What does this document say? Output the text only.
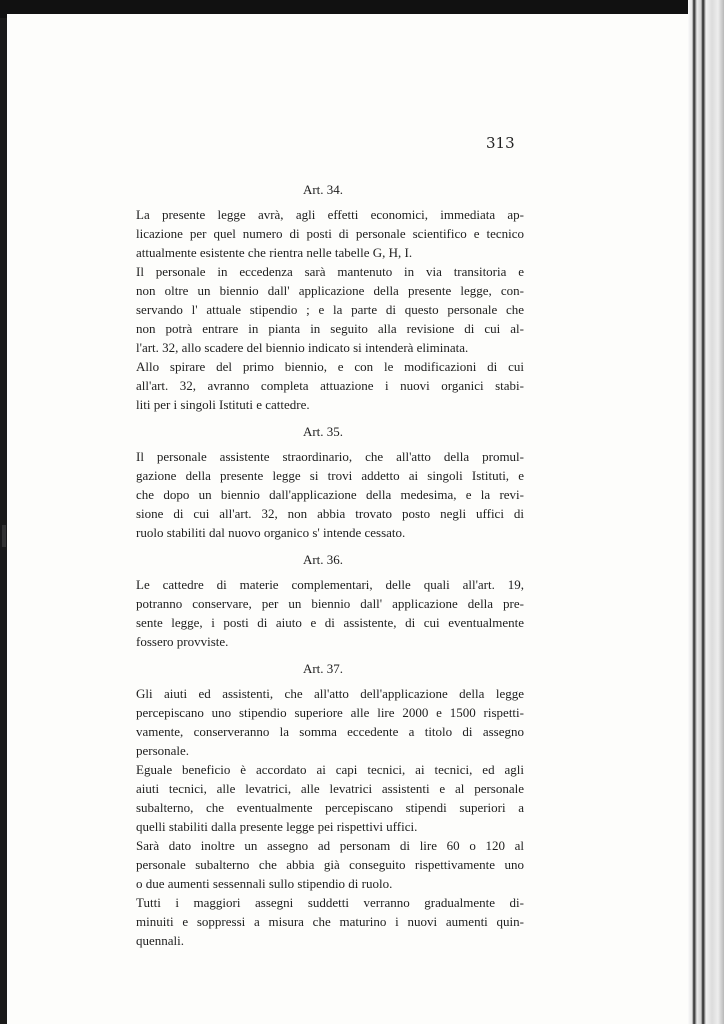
313
Art. 34.

La presente legge avrà, agli effetti economici, immediata ap-
licazione per quel numero di posti di personale scientifico e tecnico
attualmente esistente che rientra nelle tabelle G, H, I.

Il personale in eccedenza sarà mantenuto in via transitoria e
non oltre un biennio dall' applicazione della presente legge, con-
servando l' attuale stipendio ; e la parte di questo personale che
non potrà entrare in pianta in seguito alla revisione di cui al-
l'art. 32, allo scadere del biennio indicato si intenderà eliminata.

Allo spirare del primo biennio, e con le modificazioni di cui
all'art. 32, avranno completa attuazione i nuovi organici stabi-
liti per i singoli Istituti e cattedre.

Art. 35.

Il personale assistente straordinario, che all'atto della promul-
gazione della presente legge si trovi addetto ai singoli Istituti, e
che dopo un biennio dall'applicazione della medesima, e la revi-
sione di cui all'art. 32, non abbia trovato posto negli uffici di
ruolo stabiliti dal nuovo organico s' intende cessato.

Art. 36.

Le cattedre di materie complementari, delle quali all'art. 19,
potranno conservare, per un biennio dall' applicazione della pre-
sente legge, i posti di aiuto e di assistente, di cui eventualmente
fossero provviste.

Art. 37.

Gli aiuti ed assistenti, che all'atto dell'applicazione della legge
percepiscano uno stipendio superiore alle lire 2000 e 1500 rispetti-
vamente, conserveranno la somma eccedente a titolo di assegno
personale.

Eguale beneficio è accordato ai capi tecnici, ai tecnici, ed agli
aiuti tecnici, alle levatrici, alle levatrici assistenti e al personale
subalterno, che eventualmente percepiscano stipendi superiori a
quelli stabiliti dalla presente legge pei rispettivi uffici.

Sarà dato inoltre un assegno ad personam di lire 60 o 120 al
personale subalterno che abbia già conseguito rispettivamente uno
o due aumenti sessennali sullo stipendio di ruolo.

Tutti i maggiori assegni suddetti verranno gradualmente di-
minuiti e soppressi a misura che maturino i nuovi aumenti quin-
quennali.
